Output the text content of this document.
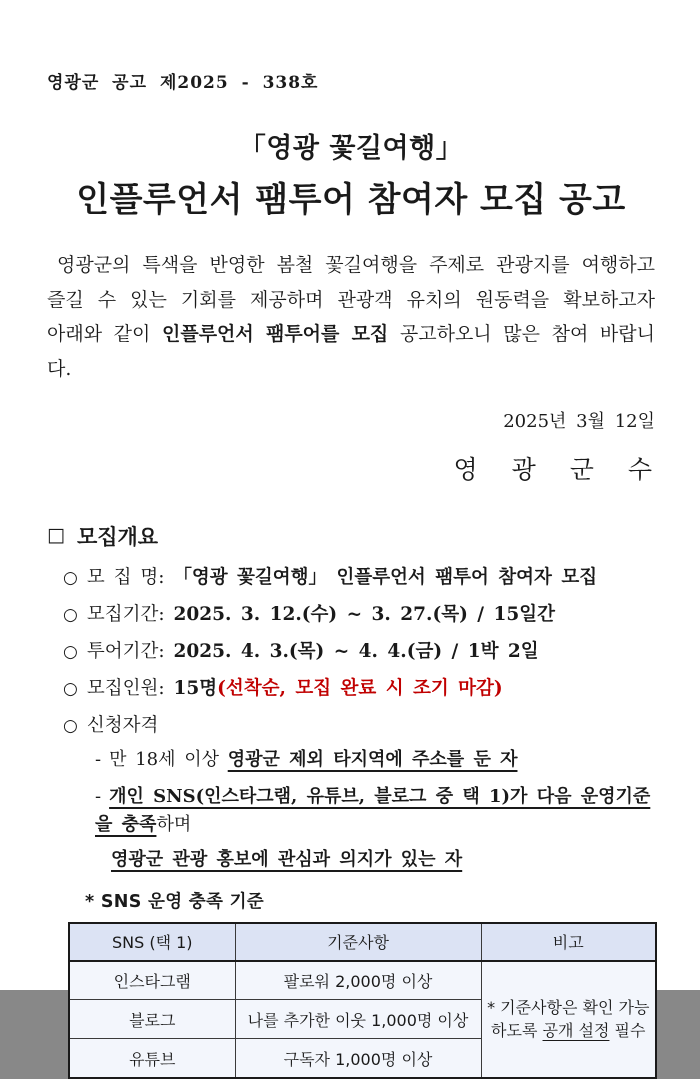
영광군 공고 제2025 - 338호
「영광 꽃길여행」
인플루언서 팸투어 참여자 모집 공고
영광군의 특색을 반영한 봄철 꽃길여행을 주제로 관광지를 여행하고 즐길 수 있는 기회를 제공하며 관광객 유치의 원동력을 확보하고자 아래와 같이 인플루언서 팸투어를 모집 공고하오니 많은 참여 바랍니다.
2025년 3월 12일
영 광 군 수
□ 모집개요
○ 모 집 명: 「영광 꽃길여행」 인플루언서 팸투어 참여자 모집
○ 모집기간: 2025. 3. 12.(수) ~ 3. 27.(목) / 15일간
○ 투어기간: 2025. 4. 3.(목) ~ 4. 4.(금) / 1박 2일
○ 모집인원: 15명(선착순, 모집 완료 시 조기 마감)
○ 신청자격
- 만 18세 이상 영광군 제외 타지역에 주소를 둔 자
- 개인 SNS(인스타그램, 유튜브, 블로그 중 택 1)가 다음 운영기준을 충족하며
영광군 관광 홍보에 관심과 의지가 있는 자
* SNS 운영 충족 기준
SNS (택 1)	기준사항	비고
인스타그램	팔로워 2,000명 이상	* 기준사항은 확인 가능
하도록 공개 설정 필수

블로그	나를 추가한 이웃 1,000명 이상	
유튜브	구독자 1,000명 이상	
